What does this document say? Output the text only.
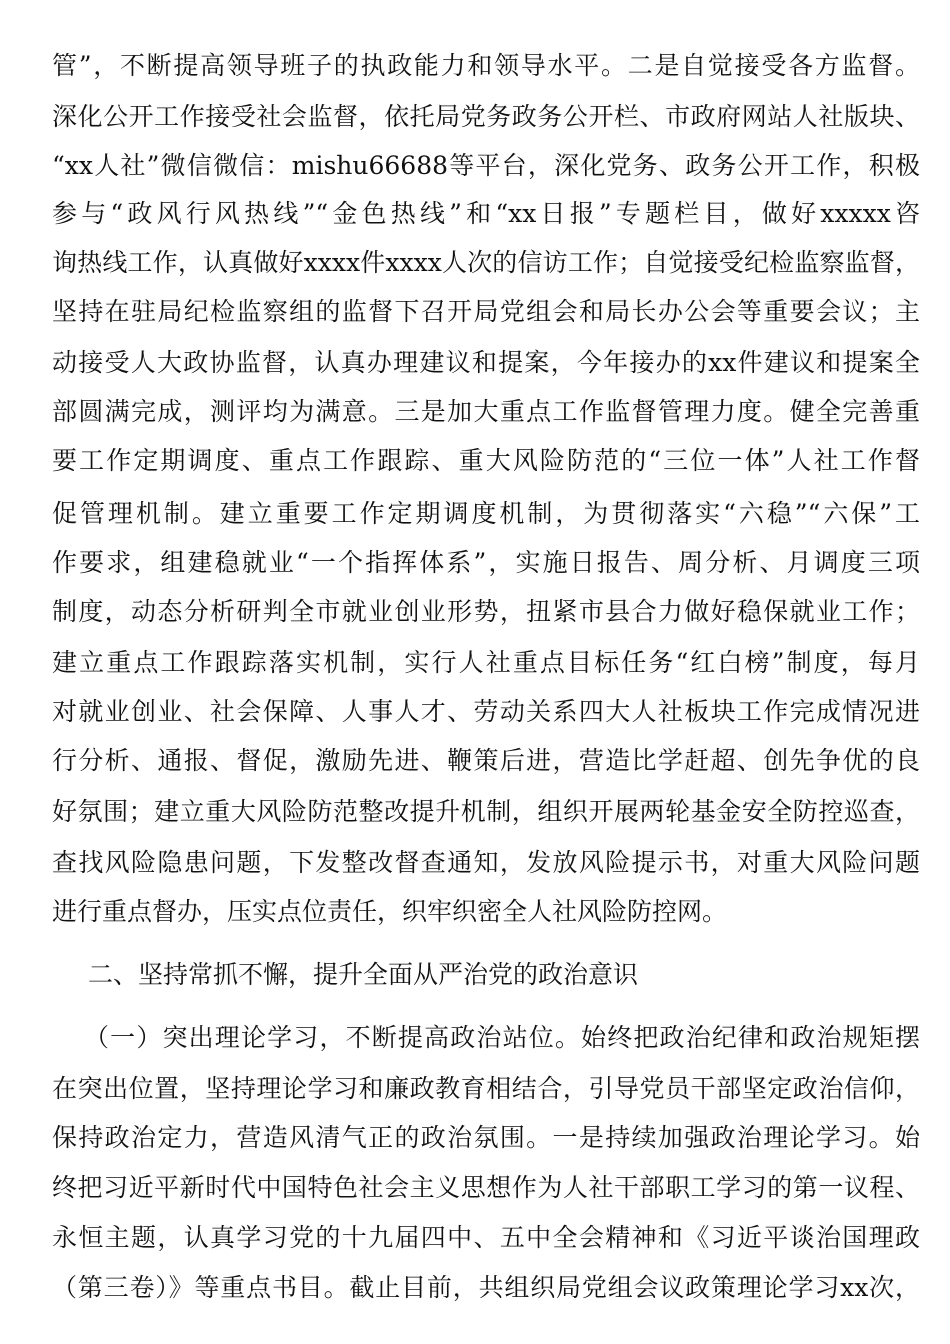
管”，不断提高领导班子的执政能力和领导水平。二是自觉接受各方监督。
深化公开工作接受社会监督，依托局党务政务公开栏、市政府网站人社版块、
“xx人社”微信微信：mishu66688等平台，深化党务、政务公开工作，积极
参与“政风行风热线”“金色热线”和“xx日报”专题栏目，做好xxxxx咨
询热线工作，认真做好xxxx件xxxx人次的信访工作；自觉接受纪检监察监督，
坚持在驻局纪检监察组的监督下召开局党组会和局长办公会等重要会议；主
动接受人大政协监督，认真办理建议和提案，今年接办的xx件建议和提案全
部圆满完成，测评均为满意。三是加大重点工作监督管理力度。健全完善重
要工作定期调度、重点工作跟踪、重大风险防范的“三位一体”人社工作督
促管理机制。建立重要工作定期调度机制，为贯彻落实“六稳”“六保”工
作要求，组建稳就业“一个指挥体系”，实施日报告、周分析、月调度三项
制度，动态分析研判全市就业创业形势，扭紧市县合力做好稳保就业工作；
建立重点工作跟踪落实机制，实行人社重点目标任务“红白榜”制度，每月
对就业创业、社会保障、人事人才、劳动关系四大人社板块工作完成情况进
行分析、通报、督促，激励先进、鞭策后进，营造比学赶超、创先争优的良
好氛围；建立重大风险防范整改提升机制，组织开展两轮基金安全防控巡查，
查找风险隐患问题，下发整改督查通知，发放风险提示书，对重大风险问题
进行重点督办，压实点位责任，织牢织密全人社风险防控网。
二、坚持常抓不懈，提升全面从严治党的政治意识
（一）突出理论学习，不断提高政治站位。始终把政治纪律和政治规矩摆
在突出位置，坚持理论学习和廉政教育相结合，引导党员干部坚定政治信仰，
保持政治定力，营造风清气正的政治氛围。一是持续加强政治理论学习。始
终把习近平新时代中国特色社会主义思想作为人社干部职工学习的第一议程、
永恒主题，认真学习党的十九届四中、五中全会精神和《习近平谈治国理政
（第三卷）》等重点书目。截止目前，共组织局党组会议政策理论学习xx次，
